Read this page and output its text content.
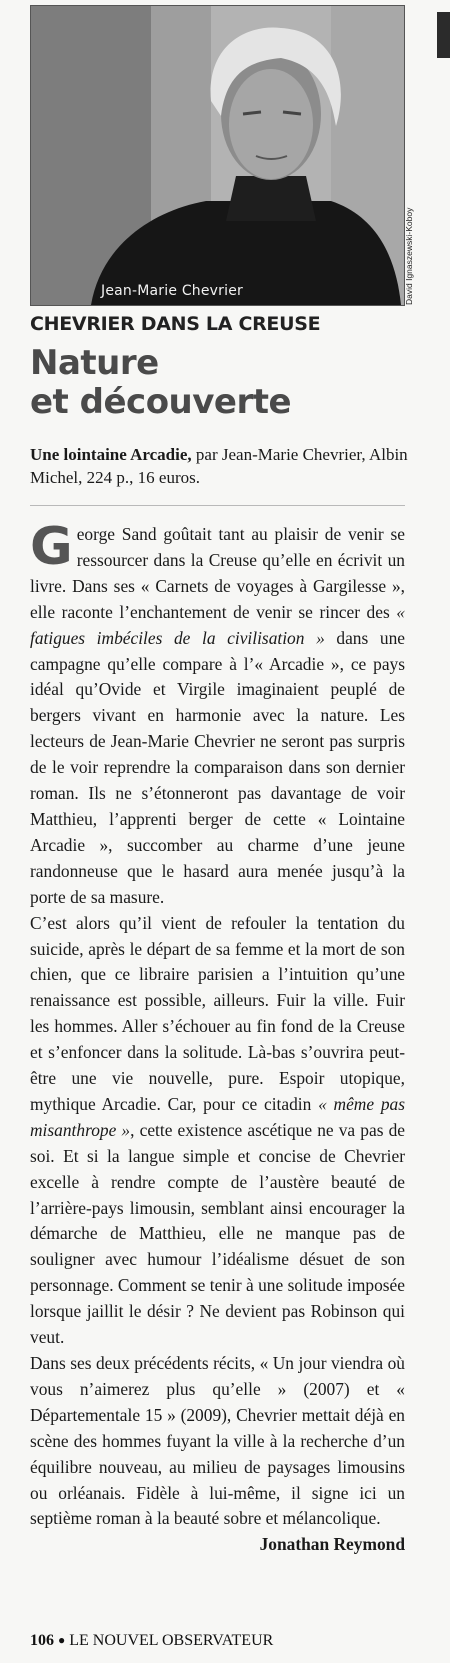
Jean-Marie Chevrier	David Ignaszewski-Koboy
CHEVRIER DANS LA CREUSE
Nature
et découverte
Une lointaine Arcadie, par Jean-Marie Chevrier, Albin Michel, 224 p., 16 euros.

George Sand goûtait tant au plaisir de venir se ressourcer dans la Creuse qu’elle en écrivit un livre. Dans ses « Carnets de voyages à Gargilesse », elle raconte l’enchantement de venir se rincer des « fatigues imbéciles de la civilisation » dans une campagne qu’elle compare à l’« Arcadie », ce pays idéal qu’Ovide et Virgile imaginaient peuplé de bergers vivant en harmonie avec la nature. Les lecteurs de Jean-Marie Chevrier ne seront pas surpris de le voir reprendre la comparaison dans son dernier roman. Ils ne s’étonneront pas davantage de voir Matthieu, l’apprenti berger de cette « Lointaine Arcadie », succomber au charme d’une jeune randonneuse que le hasard aura menée jusqu’à la porte de sa masure.

C’est alors qu’il vient de refouler la tentation du suicide, après le départ de sa femme et la mort de son chien, que ce libraire parisien a l’intuition qu’une renaissance est possible, ailleurs. Fuir la ville. Fuir les hommes. Aller s’échouer au fin fond de la Creuse et s’enfoncer dans la solitude. Là-bas s’ouvrira peut-être une vie nouvelle, pure. Espoir utopique, mythique Arcadie. Car, pour ce citadin « même pas misanthrope », cette existence ascétique ne va pas de soi. Et si la langue simple et concise de Chevrier excelle à rendre compte de l’austère beauté de l’arrière-pays limousin, semblant ainsi encourager la démarche de Matthieu, elle ne manque pas de souligner avec humour l’idéalisme désuet de son personnage. Comment se tenir à une solitude imposée lorsque jaillit le désir ? Ne devient pas Robinson qui veut.

Dans ses deux précédents récits, « Un jour viendra où vous n’aimerez plus qu’elle » (2007) et « Départementale 15 » (2009), Chevrier mettait déjà en scène des hommes fuyant la ville à la recherche d’un équilibre nouveau, au milieu de paysages limousins ou orléanais. Fidèle à lui-même, il signe ici un septième roman à la beauté sobre et mélancolique.
Jonathan Reymond

106 ● LE NOUVEL OBSERVATEUR
